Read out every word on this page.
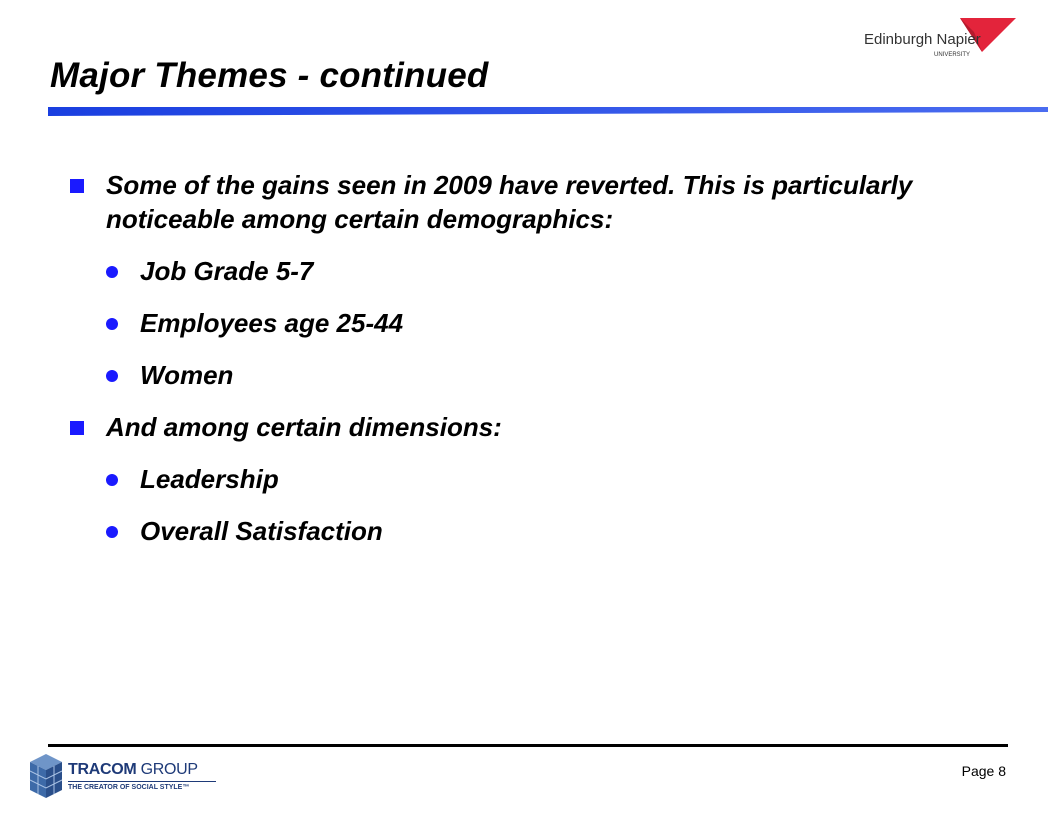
Edinburgh Napier
UNIVERSITY
Major Themes - continued
Some of the gains seen in 2009 have reverted. This is particularly noticeable among certain demographics:
Job Grade 5-7
Employees age 25-44
Women
And among certain dimensions:
Leadership
Overall Satisfaction
TRACOM GROUP
THE CREATOR OF SOCIAL STYLE™
Page 8
